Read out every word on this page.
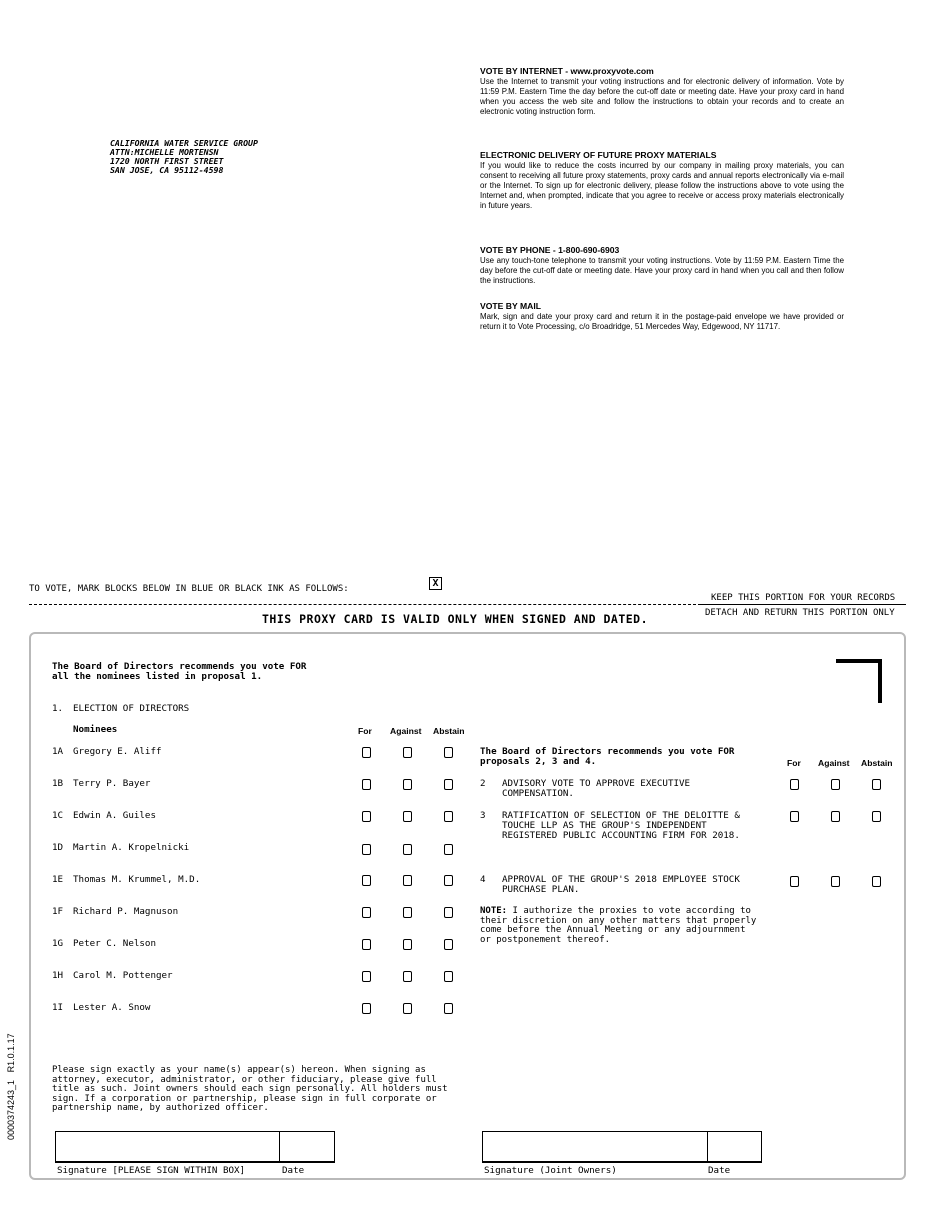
CALIFORNIA WATER SERVICE GROUP
ATTN:MICHELLE MORTENSN
1720 NORTH FIRST STREET
SAN JOSE, CA 95112-4598
VOTE BY INTERNET - www.proxyvote.com

Use the Internet to transmit your voting instructions and for electronic delivery of information. Vote by 11:59 P.M. Eastern Time the day before the cut-off date or meeting date. Have your proxy card in hand when you access the web site and follow the instructions to obtain your records and to create an electronic voting instruction form.

ELECTRONIC DELIVERY OF FUTURE PROXY MATERIALS

If you would like to reduce the costs incurred by our company in mailing proxy materials, you can consent to receiving all future proxy statements, proxy cards and annual reports electronically via e-mail or the Internet. To sign up for electronic delivery, please follow the instructions above to vote using the Internet and, when prompted, indicate that you agree to receive or access proxy materials electronically in future years.

VOTE BY PHONE - 1-800-690-6903

Use any touch-tone telephone to transmit your voting instructions. Vote by 11:59 P.M. Eastern Time the day before the cut-off date or meeting date. Have your proxy card in hand when you call and then follow the instructions.

VOTE BY MAIL

Mark, sign and date your proxy card and return it in the postage-paid envelope we have provided or return it to Vote Processing, c/o Broadridge, 51 Mercedes Way, Edgewood, NY 11717.

TO VOTE, MARK BLOCKS BELOW IN BLUE OR BLACK INK AS FOLLOWS:	X
KEEP THIS PORTION FOR YOUR RECORDS
DETACH AND RETURN THIS PORTION ONLY
THIS PROXY CARD IS VALID ONLY WHEN SIGNED AND DATED.
The Board of Directors recommends you vote FOR
all the nominees listed in proposal 1.
1. ELECTION OF DIRECTORS
Nominees	For Against Abstain
1A Gregory E. Aliff
1B Terry P. Bayer
1C Edwin A. Guiles
1D Martin A. Kropelnicki
1E Thomas M. Krummel, M.D.
1F Richard P. Magnuson
1G Peter C. Nelson
1H Carol M. Pottenger
1I Lester A. Snow
The Board of Directors recommends you vote FOR
proposals 2, 3 and 4.	For Against Abstain
2 ADVISORY VOTE TO APPROVE EXECUTIVE
COMPENSATION.
3 RATIFICATION OF SELECTION OF THE DELOITTE &
TOUCHE LLP AS THE GROUP'S INDEPENDENT
REGISTERED PUBLIC ACCOUNTING FIRM FOR 2018.
4 APPROVAL OF THE GROUP'S 2018 EMPLOYEE STOCK
PURCHASE PLAN.
NOTE: I authorize the proxies to vote according to
their discretion on any other matters that properly
come before the Annual Meeting or any adjournment
or postponement thereof.
Please sign exactly as your name(s) appear(s) hereon. When signing as
attorney, executor, administrator, or other fiduciary, please give full
title as such. Joint owners should each sign personally. All holders must
sign. If a corporation or partnership, please sign in full corporate or
partnership name, by authorized officer.
Signature [PLEASE SIGN WITHIN BOX]	Date	Signature (Joint Owners)	Date
0000374243_1   R1.0.1.17
